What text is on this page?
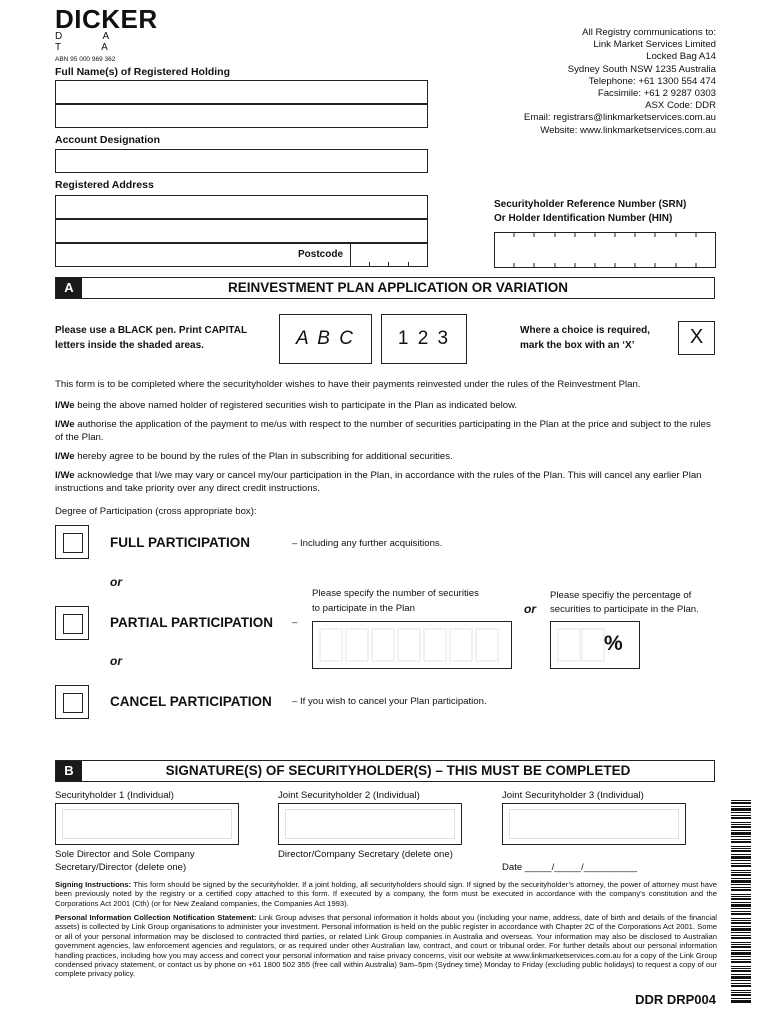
DICKER
D A T A
ABN 95 000 969 362
All Registry communications to:
Link Market Services Limited
Locked Bag A14
Sydney South NSW 1235 Australia
Telephone: +61 1300 554 474
Facsimile: +61 2 9287 0303
ASX Code: DDR
Email: registrars@linkmarketservices.com.au
Website: www.linkmarketservices.com.au
Full Name(s) of Registered Holding
Account Designation
Registered Address
Postcode
Securityholder Reference Number (SRN)
Or Holder Identification Number (HIN)
A	REINVESTMENT PLAN APPLICATION OR VARIATION
Please use a BLACK pen. Print CAPITAL
letters inside the shaded areas.	A B C	1 2 3	Where a choice is required,
mark the box with an ‘X’	X
This form is to be completed where the securityholder wishes to have their payments reinvested under the rules of the Reinvestment Plan.
I/We being the above named holder of registered securities wish to participate in the Plan as indicated below.
I/We authorise the application of the payment to me/us with respect to the number of securities participating in the Plan at the price and subject to the rules of the Plan.
I/We hereby agree to be bound by the rules of the Plan in subscribing for additional securities.
I/We acknowledge that I/we may vary or cancel my/our participation in the Plan, in accordance with the rules of the Plan. This will cancel any earlier Plan instructions and take priority over any direct credit instructions.
Degree of Participation (cross appropriate box):
FULL PARTICIPATION	– Including any further acquisitions.
or
PARTIAL PARTICIPATION –
Please specify the number of securities
to participate in the Plan	or
Please specifiy the percentage of
securities to participate in the Plan.
%
or
CANCEL PARTICIPATION – If you wish to cancel your Plan participation.
B	SIGNATURE(S) OF SECURITYHOLDER(S) – THIS MUST BE COMPLETED
Securityholder 1 (Individual)	Joint Securityholder 2 (Individual)	Joint Securityholder 3 (Individual)
Sole Director and Sole Company
Secretary/Director (delete one)
Director/Company Secretary (delete one)
Date _____/_____/__________
Signing Instructions: This form should be signed by the securityholder. If a joint holding, all securityholders should sign. If signed by the securityholder’s attorney, the power of attorney must have been previously noted by the registry or a certified copy attached to this form. If executed by a company, the form must be executed in accordance with the company’s constitution and the Corporations Act 2001 (Cth) (or for New Zealand companies, the Companies Act 1993).
Personal Information Collection Notification Statement: Link Group advises that personal information it holds about you (including your name, address, date of birth and details of the financial assets) is collected by Link Group organisations to administer your investment. Personal information is held on the public register in accordance with Chapter 2C of the Corporations Act 2001. Some or all of your personal information may be disclosed to contracted third parties, or related Link Group companies in Australia and overseas. Your information may also be disclosed to Australian government agencies, law enforcement agencies and regulators, or as required under other Australian law, contract, and court or tribunal order. For further details about our personal information handling practices, including how you may access and correct your personal information and raise privacy concerns, visit our website at www.linkmarketservices.com.au for a copy of the Link Group condensed privacy statement, or contact us by phone on +61 1800 502 355 (free call within Australia) 9am–5pm (Sydney time) Monday to Friday (excluding public holidays) to request a copy of our complete privacy policy.
DDR DRP004
